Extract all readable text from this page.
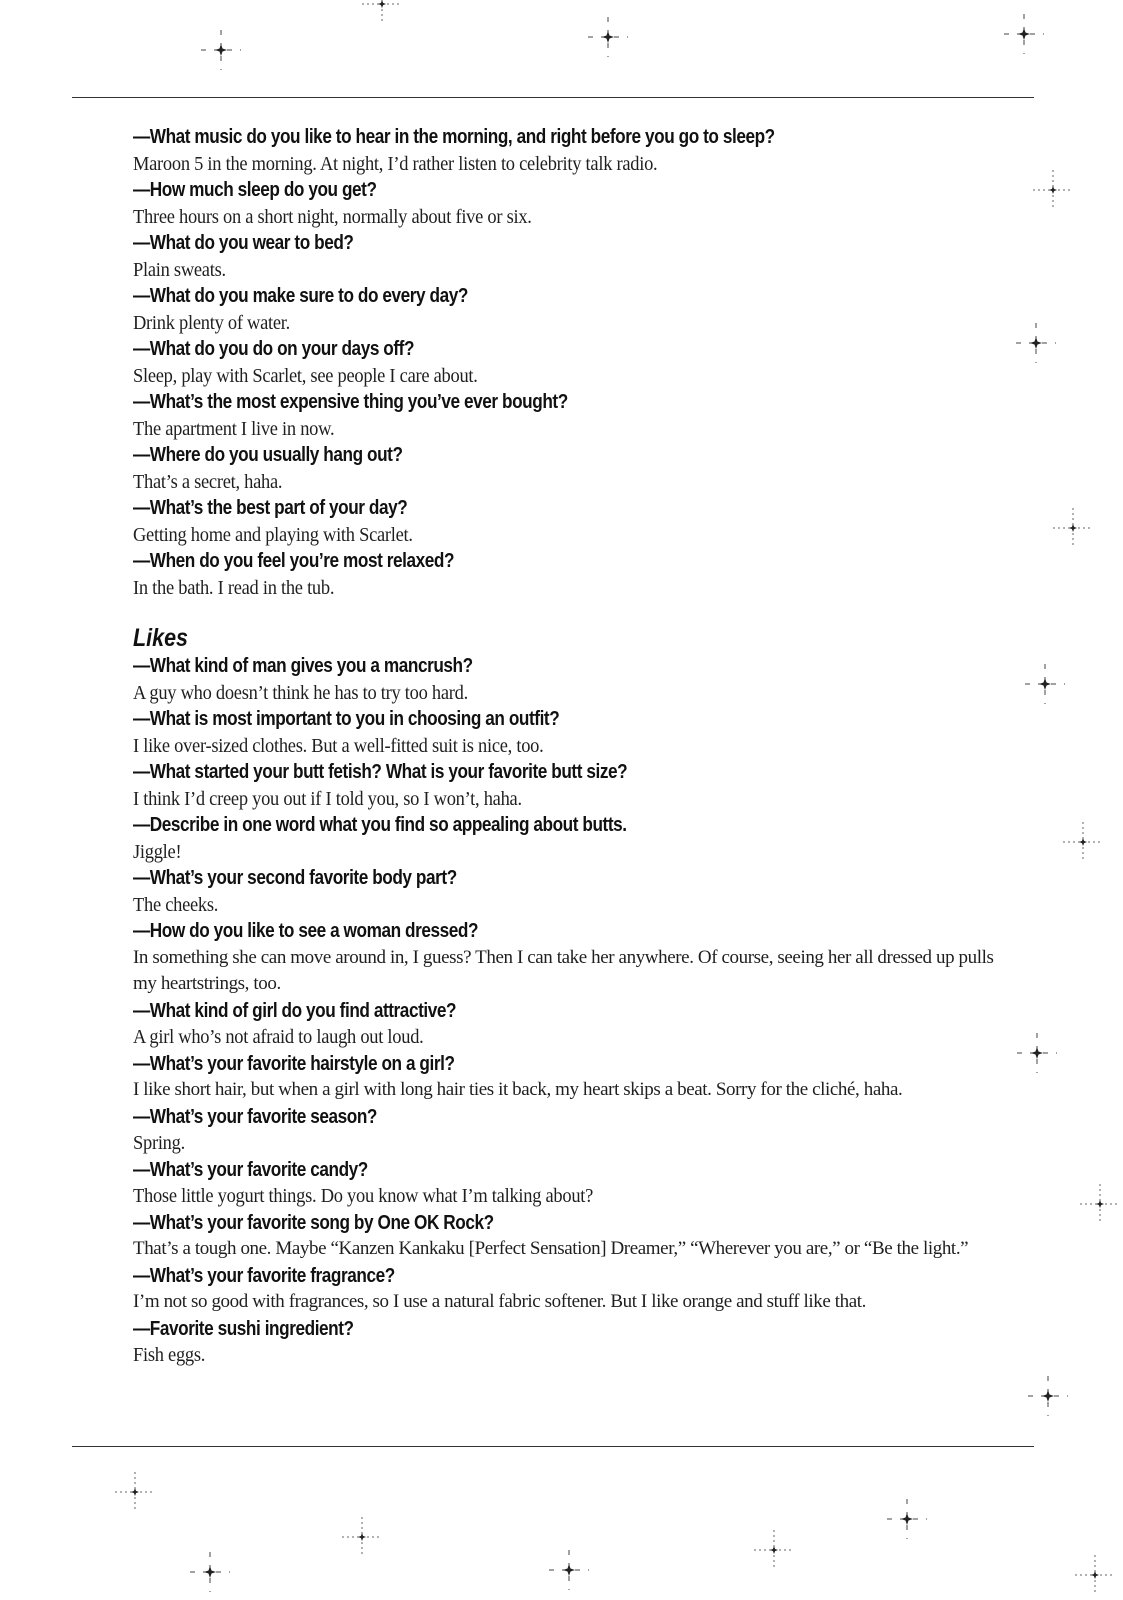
—What music do you like to hear in the morning, and right before you go to sleep?
Maroon 5 in the morning. At night, I’d rather listen to celebrity talk radio.
—How much sleep do you get?
Three hours on a short night, normally about five or six.
—What do you wear to bed?
Plain sweats.
—What do you make sure to do every day?
Drink plenty of water.
—What do you do on your days off?
Sleep, play with Scarlet, see people I care about.
—What’s the most expensive thing you’ve ever bought?
The apartment I live in now.
—Where do you usually hang out?
That’s a secret, haha.
—What’s the best part of your day?
Getting home and playing with Scarlet.
—When do you feel you’re most relaxed?
In the bath. I read in the tub.
Likes
—What kind of man gives you a mancrush?
A guy who doesn’t think he has to try too hard.
—What is most important to you in choosing an outfit?
I like over-sized clothes. But a well-fitted suit is nice, too.
—What started your butt fetish? What is your favorite butt size?
I think I’d creep you out if I told you, so I won’t, haha.
—Describe in one word what you find so appealing about butts.
Jiggle!
—What’s your second favorite body part?
The cheeks.
—How do you like to see a woman dressed?
In something she can move around in, I guess? Then I can take her anywhere. Of course, seeing her all dressed up pulls my heartstrings, too.
—What kind of girl do you find attractive?
A girl who’s not afraid to laugh out loud.
—What’s your favorite hairstyle on a girl?
I like short hair, but when a girl with long hair ties it back, my heart skips a beat. Sorry for the cliché, haha.
—What’s your favorite season?
Spring.
—What’s your favorite candy?
Those little yogurt things. Do you know what I’m talking about?
—What’s your favorite song by One OK Rock?
That’s a tough one. Maybe “Kanzen Kankaku [Perfect Sensation] Dreamer,” “Wherever you are,” or “Be the light.”
—What’s your favorite fragrance?
I’m not so good with fragrances, so I use a natural fabric softener. But I like orange and stuff like that.
—Favorite sushi ingredient?
Fish eggs.
